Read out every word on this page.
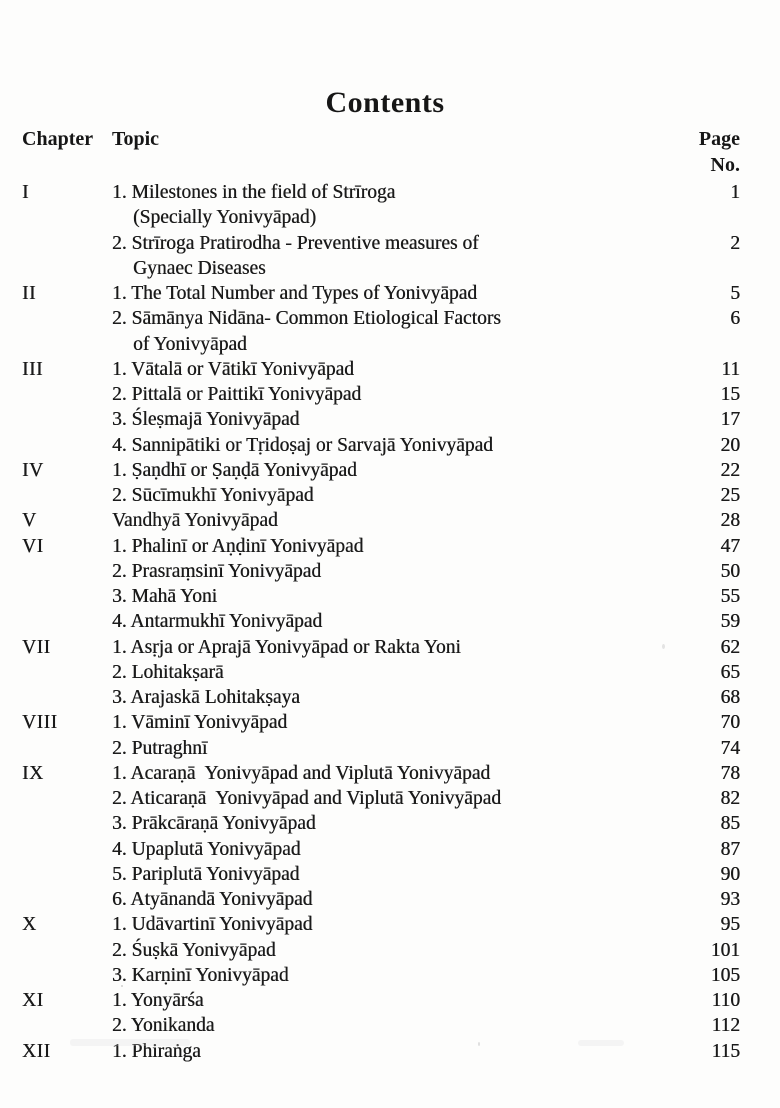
Contents
Chapter Topic	Page No.
I	1. Milestones in the field of Strīroga	1
(Specially Yonivyāpad)
2. Strīroga Pratirodha - Preventive measures of	2
Gynaec Diseases
II	1. The Total Number and Types of Yonivyāpad	5
2. Sāmānya Nidāna- Common Etiological Factors	6
of Yonivyāpad
III	1. Vātalā or Vātikī Yonivyāpad	11
2. Pittalā or Paittikī Yonivyāpad	15
3. Śleṣmajā Yonivyāpad	17
4. Sannipātiki or Tṛidoṣaj or Sarvajā Yonivyāpad	20
IV	1. Ṣaṇdhī or Ṣaṇḍā Yonivyāpad	22
2. Sūcīmukhī Yonivyāpad	25
V	Vandhyā Yonivyāpad	28
VI	1. Phalinī or Aṇḍinī Yonivyāpad	47
2. Prasraṃsinī Yonivyāpad	50
3. Mahā Yoni	55
4. Antarmukhī Yonivyāpad	59
VII	1. Asṛja or Aprajā Yonivyāpad or Rakta Yoni	62
2. Lohitakṣarā	65
3. Arajaskā Lohitakṣaya	68
VIII	1. Vāminī Yonivyāpad	70
2. Putraghnī	74
IX	1. Acaraṇā  Yonivyāpad and Viplutā Yonivyāpad	78
2. Aticaraṇā  Yonivyāpad and Viplutā Yonivyāpad	82
3. Prākcāraṇā Yonivyāpad	85
4. Upaplutā Yonivyāpad	87
5. Pariplutā Yonivyāpad	90
6. Atyānandā Yonivyāpad	93
X	1. Udāvartinī Yonivyāpad	95
2. Śuṣkā Yonivyāpad	101
3. Karṇinī Yonivyāpad	105
XI	1. Yonyārśa	110
2. Yonikanda	112
XII	1. Phiraṅga	115
